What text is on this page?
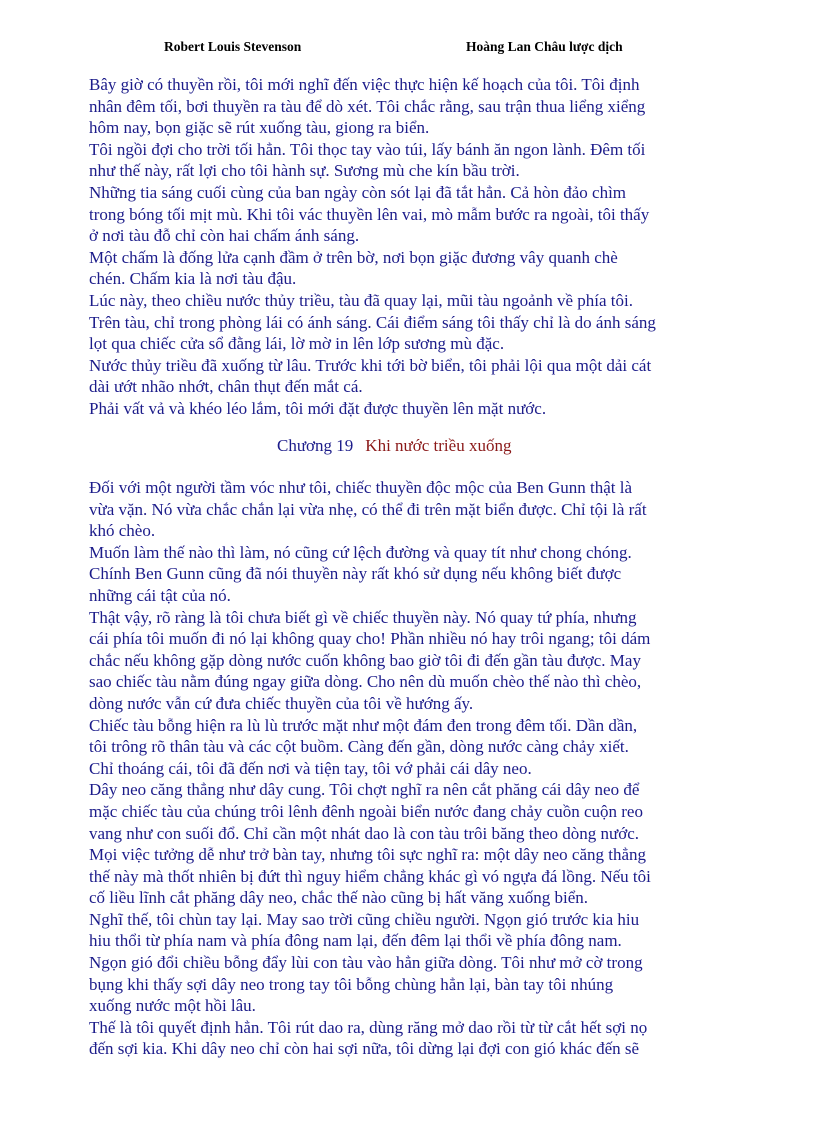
Robert Louis Stevenson	Hoàng Lan Châu lược dịch
Bây giờ có thuyền rồi, tôi mới nghĩ đến việc thực hiện kế hoạch của tôi. Tôi định
nhân đêm tối, bơi thuyền ra tàu để dò xét. Tôi chắc rằng, sau trận thua liểng xiểng
hôm nay, bọn giặc sẽ rút xuống tàu, giong ra biển.
Tôi ngồi đợi cho trời tối hẳn. Tôi thọc tay vào túi, lấy bánh ăn ngon lành. Đêm tối
như thế này, rất lợi cho tôi hành sự. Sương mù che kín bầu trời.
Những tia sáng cuối cùng của ban ngày còn sót lại đã tắt hẳn. Cả hòn đảo chìm
trong bóng tối mịt mù. Khi tôi vác thuyền lên vai, mò mẫm bước ra ngoài, tôi thấy
ở nơi tàu đỗ chỉ còn hai chấm ánh sáng.
Một chấm là đống lửa cạnh đầm ở trên bờ, nơi bọn giặc đương vây quanh chè
chén. Chấm kia là nơi tàu đậu.
Lúc này, theo chiều nước thủy triều, tàu đã quay lại, mũi tàu ngoảnh về phía tôi.
Trên tàu, chỉ trong phòng lái có ánh sáng. Cái điểm sáng tôi thấy chỉ là do ánh sáng
lọt qua chiếc cửa sổ đằng lái, lờ mờ in lên lớp sương mù đặc.
Nước thủy triều đã xuống từ lâu. Trước khi tới bờ biển, tôi phải lội qua một dải cát
dài ướt nhão nhớt, chân thụt đến mắt cá.
Phải vất vả và khéo léo lắm, tôi mới đặt được thuyền lên mặt nước.
Chương 19 Khi nước triều xuống
Đối với một người tầm vóc như tôi, chiếc thuyền độc mộc của Ben Gunn thật là
vừa vặn. Nó vừa chắc chắn lại vừa nhẹ, có thể đi trên mặt biển được. Chỉ tội là rất
khó chèo.
Muốn làm thế nào thì làm, nó cũng cứ lệch đường và quay tít như chong chóng.
Chính Ben Gunn cũng đã nói thuyền này rất khó sử dụng nếu không biết được
những cái tật của nó.
Thật vậy, rõ ràng là tôi chưa biết gì về chiếc thuyền này. Nó quay tứ phía, nhưng
cái phía tôi muốn đi nó lại không quay cho! Phần nhiều nó hay trôi ngang; tôi dám
chắc nếu không gặp dòng nước cuốn không bao giờ tôi đi đến gần tàu được. May
sao chiếc tàu nằm đúng ngay giữa dòng. Cho nên dù muốn chèo thế nào thì chèo,
dòng nước vẫn cứ đưa chiếc thuyền của tôi về hướng ấy.
Chiếc tàu bỗng hiện ra lù lù trước mặt như một đám đen trong đêm tối. Dần dần,
tôi trông rõ thân tàu và các cột buồm. Càng đến gần, dòng nước càng chảy xiết.
Chỉ thoáng cái, tôi đã đến nơi và tiện tay, tôi vớ phải cái dây neo.
Dây neo căng thẳng như dây cung. Tôi chợt nghĩ ra nên cắt phăng cái dây neo để
mặc chiếc tàu của chúng trôi lênh đênh ngoài biển nước đang chảy cuồn cuộn reo
vang như con suối đổ. Chỉ cần một nhát dao là con tàu trôi băng theo dòng nước.
Mọi việc tưởng dễ như trở bàn tay, nhưng tôi sực nghĩ ra: một dây neo căng thẳng
thế này mà thốt nhiên bị đứt thì nguy hiểm chẳng khác gì vó ngựa đá lồng. Nếu tôi
cố liều lĩnh cắt phăng dây neo, chắc thế nào cũng bị hất văng xuống biển.
Nghĩ thế, tôi chùn tay lại. May sao trời cũng chiều người. Ngọn gió trước kia hiu
hiu thổi từ phía nam và phía đông nam lại, đến đêm lại thổi về phía đông nam.
Ngọn gió đổi chiều bỗng đẩy lùi con tàu vào hẳn giữa dòng. Tôi như mở cờ trong
bụng khi thấy sợi dây neo trong tay tôi bỗng chùng hẳn lại, bàn tay tôi nhúng
xuống nước một hồi lâu.
Thế là tôi quyết định hẳn. Tôi rút dao ra, dùng răng mở dao rồi từ từ cắt hết sợi nọ
đến sợi kia. Khi dây neo chỉ còn hai sợi nữa, tôi dừng lại đợi con gió khác đến sẽ
